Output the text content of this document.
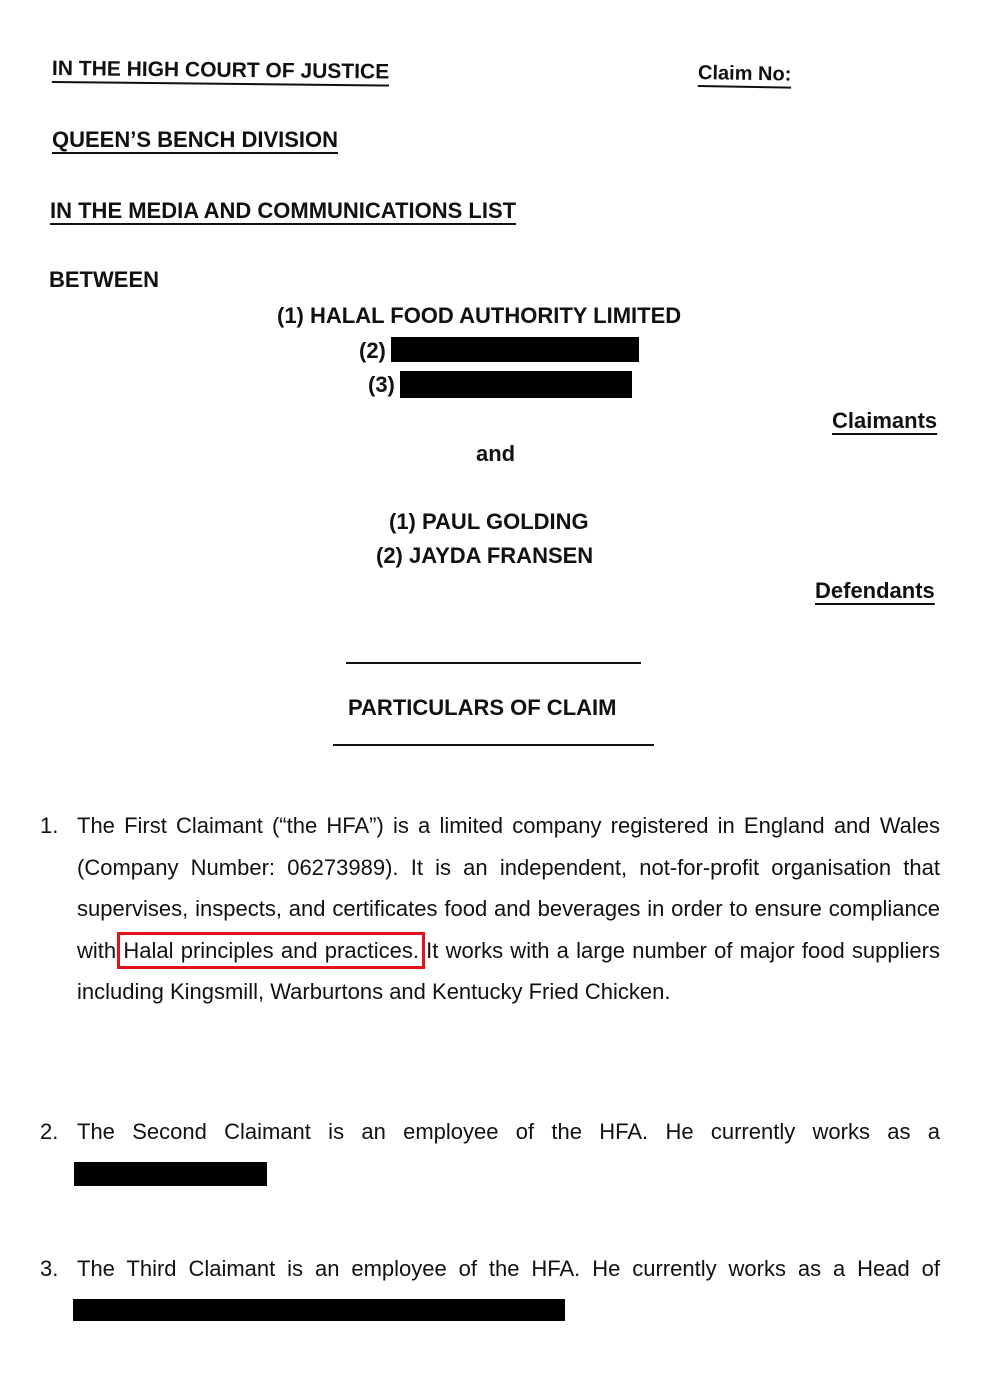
IN THE HIGH COURT OF JUSTICE	Claim No:
QUEEN’S BENCH DIVISION
IN THE MEDIA AND COMMUNICATIONS LIST
BETWEEN
(1) HALAL FOOD AUTHORITY LIMITED
(2)
(3)
Claimants
and
(1) PAUL GOLDING
(2) JAYDA FRANSEN
Defendants
PARTICULARS OF CLAIM
1. The First Claimant (“the HFA”) is a limited company registered in England and Wales (Company Number: 06273989). It is an independent, not-for-profit organisation that supervises, inspects, and certificates food and beverages in order to ensure compliance with Halal principles and practices. It works with a large number of major food suppliers including Kingsmill, Warburtons and Kentucky Fried Chicken.
2. The Second Claimant is an employee of the HFA. He currently works as a
3. The Third Claimant is an employee of the HFA. He currently works as a Head of
